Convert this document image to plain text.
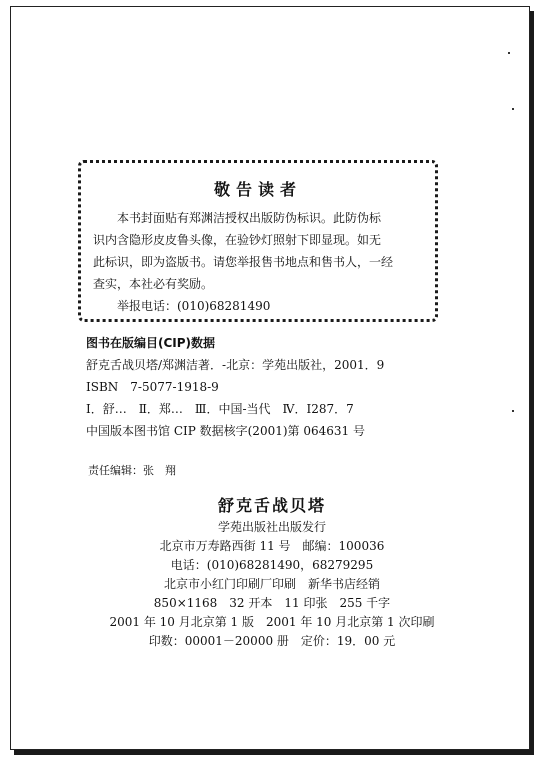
敬告读者
本书封面贴有郑渊洁授权出版防伪标识。此防伪标
识内含隐形皮皮鲁头像，在验钞灯照射下即显现。如无
此标识，即为盗版书。请您举报售书地点和售书人，一经
查实，本社必有奖励。
举报电话：(010)68281490
图书在版编目(CIP)数据
舒克舌战贝塔/郑渊洁著．-北京：学苑出版社，2001．9
ISBN　7-5077-1918-9
Ⅰ．舒…　Ⅱ．郑…　Ⅲ．中国-当代　Ⅳ．I287．7
中国版本图书馆 CIP 数据核字(2001)第 064631 号
责任编辑：张　翔
舒克舌战贝塔
学苑出版社出版发行
北京市万寿路西街 11 号　邮编：100036
电话：(010)68281490，68279295
北京市小红门印刷厂印刷　新华书店经销
850×1168　32 开本　11 印张　255 千字
2001 年 10 月北京第 1 版　2001 年 10 月北京第 1 次印刷
印数：00001－20000 册　定价：19．00 元
